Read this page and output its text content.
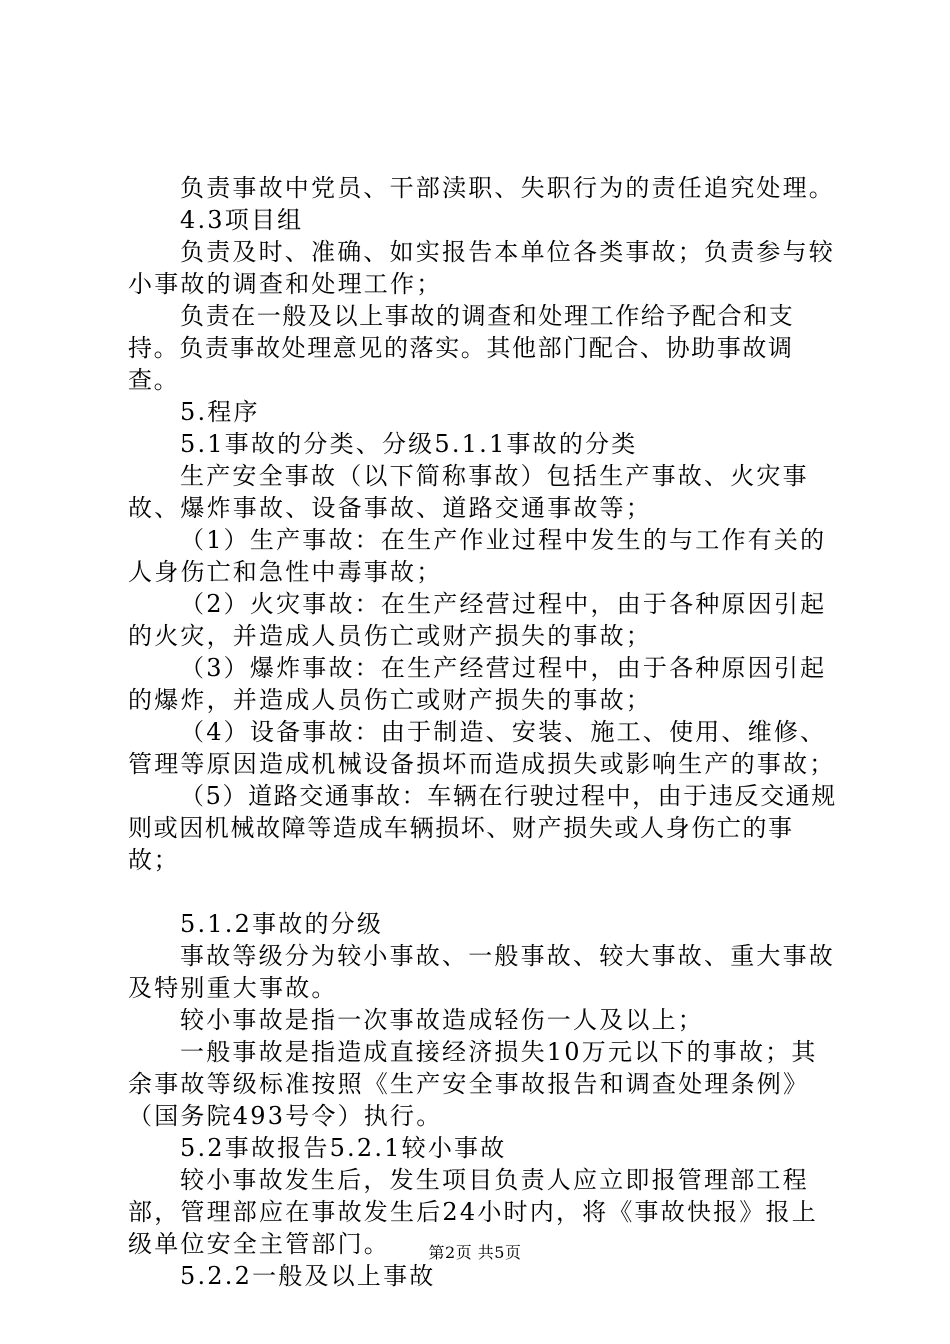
负责事故中党员、干部渎职、失职行为的责任追究处理。

4.3项目组

负责及时、准确、如实报告本单位各类事故；负责参与较小事故的调查和处理工作；

负责在一般及以上事故的调查和处理工作给予配合和支持。负责事故处理意见的落实。其他部门配合、协助事故调查。

5.程序

5.1事故的分类、分级5.1.1事故的分类

生产安全事故（以下简称事故）包括生产事故、火灾事故、爆炸事故、设备事故、道路交通事故等；

（1）生产事故：在生产作业过程中发生的与工作有关的人身伤亡和急性中毒事故；

（2）火灾事故：在生产经营过程中，由于各种原因引起的火灾，并造成人员伤亡或财产损失的事故；

（3）爆炸事故：在生产经营过程中，由于各种原因引起的爆炸，并造成人员伤亡或财产损失的事故；

（4）设备事故：由于制造、安装、施工、使用、维修、管理等原因造成机械设备损坏而造成损失或影响生产的事故；

（5）道路交通事故：车辆在行驶过程中，由于违反交通规则或因机械故障等造成车辆损坏、财产损失或人身伤亡的事故；

5.1.2事故的分级

事故等级分为较小事故、一般事故、较大事故、重大事故及特别重大事故。

较小事故是指一次事故造成轻伤一人及以上；

一般事故是指造成直接经济损失10万元以下的事故；其余事故等级标准按照《生产安全事故报告和调查处理条例》（国务院493号令）执行。

5.2事故报告5.2.1较小事故

较小事故发生后，发生项目负责人应立即报管理部工程部，管理部应在事故发生后24小时内，将《事故快报》报上级单位安全主管部门。

5.2.2一般及以上事故

第2页 共5页
